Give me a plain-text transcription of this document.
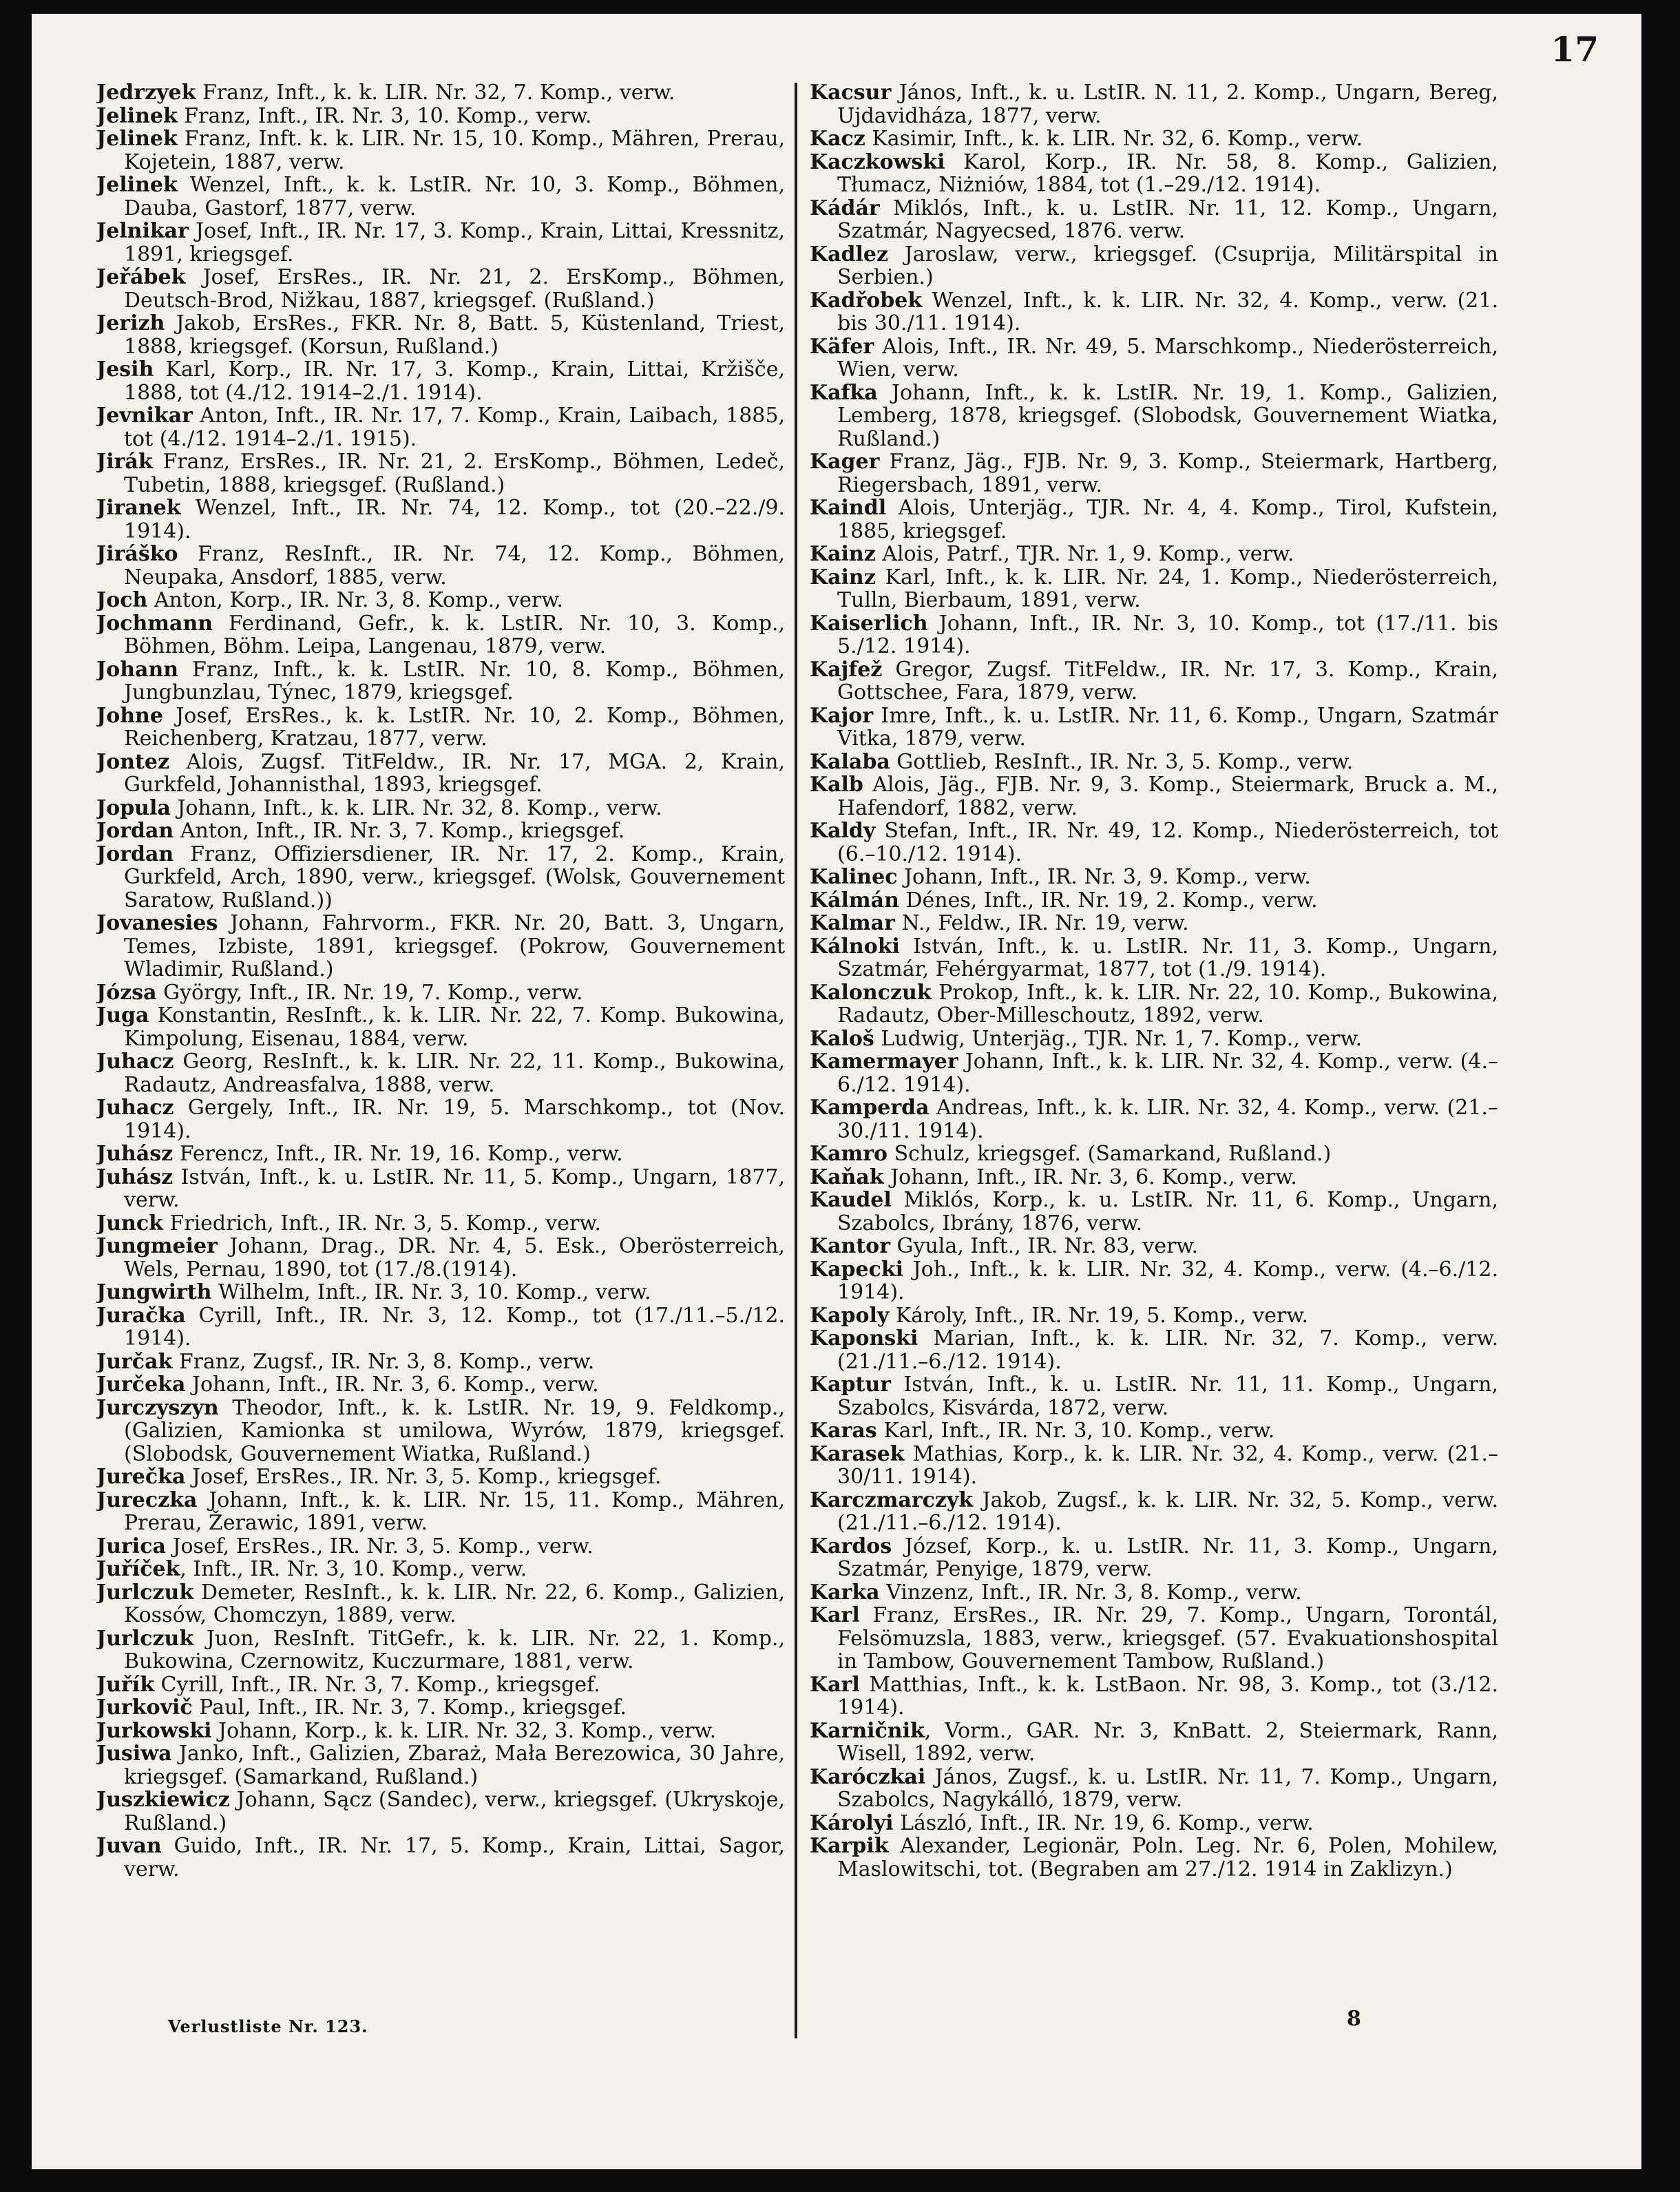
17
Jedrzyek Franz, Inft., k. k. LIR. Nr. 32, 7. Komp., verw.
Jelinek Franz, Inft., IR. Nr. 3, 10. Komp., verw.
Jelinek Franz, Inft. k. k. LIR. Nr. 15, 10. Komp., Mähren, Prerau, Kojetein, 1887, verw.
Jelinek Wenzel, Inft., k. k. LstIR. Nr. 10, 3. Komp., Böhmen, Dauba, Gastorf, 1877, verw.
Jelnikar Josef, Inft., IR. Nr. 17, 3. Komp., Krain, Littai, Kressnitz, 1891, kriegsgef.
Jeřábek Josef, ErsRes., IR. Nr. 21, 2. ErsKomp., Böhmen, Deutsch-Brod, Nižkau, 1887, kriegsgef. (Rußland.)
Jerizh Jakob, ErsRes., FKR. Nr. 8, Batt. 5, Küstenland, Triest, 1888, kriegsgef. (Korsun, Rußland.)
Jesih Karl, Korp., IR. Nr. 17, 3. Komp., Krain, Littai, Kržišče, 1888, tot (4./12. 1914–2./1. 1914).
Jevnikar Anton, Inft., IR. Nr. 17, 7. Komp., Krain, Laibach, 1885, tot (4./12. 1914–2./1. 1915).
Jirák Franz, ErsRes., IR. Nr. 21, 2. ErsKomp., Böhmen, Ledeč, Tubetin, 1888, kriegsgef. (Rußland.)
Jiranek Wenzel, Inft., IR. Nr. 74, 12. Komp., tot (20.–22./9. 1914).
Jiráško Franz, ResInft., IR. Nr. 74, 12. Komp., Böhmen, Neupaka, Ansdorf, 1885, verw.
Joch Anton, Korp., IR. Nr. 3, 8. Komp., verw.
Jochmann Ferdinand, Gefr., k. k. LstIR. Nr. 10, 3. Komp., Böhmen, Böhm. Leipa, Langenau, 1879, verw.
Johann Franz, Inft., k. k. LstIR. Nr. 10, 8. Komp., Böhmen, Jungbunzlau, Týnec, 1879, kriegsgef.
Johne Josef, ErsRes., k. k. LstIR. Nr. 10, 2. Komp., Böhmen, Reichenberg, Kratzau, 1877, verw.
Jontez Alois, Zugsf. TitFeldw., IR. Nr. 17, MGA. 2, Krain, Gurkfeld, Johannisthal, 1893, kriegsgef.
Jopula Johann, Inft., k. k. LIR. Nr. 32, 8. Komp., verw.
Jordan Anton, Inft., IR. Nr. 3, 7. Komp., kriegsgef.
Jordan Franz, Offiziersdiener, IR. Nr. 17, 2. Komp., Krain, Gurkfeld, Arch, 1890, verw., kriegsgef. (Wolsk, Gouvernement Saratow, Rußland.))
Jovanesies Johann, Fahrvorm., FKR. Nr. 20, Batt. 3, Ungarn, Temes, Izbiste, 1891, kriegsgef. (Pokrow, Gouvernement Wladimir, Rußland.)
Józsa György, Inft., IR. Nr. 19, 7. Komp., verw.
Juga Konstantin, ResInft., k. k. LIR. Nr. 22, 7. Komp. Bukowina, Kimpolung, Eisenau, 1884, verw.
Juhacz Georg, ResInft., k. k. LIR. Nr. 22, 11. Komp., Bukowina, Radautz, Andreasfalva, 1888, verw.
Juhacz Gergely, Inft., IR. Nr. 19, 5. Marschkomp., tot (Nov. 1914).
Juhász Ferencz, Inft., IR. Nr. 19, 16. Komp., verw.
Juhász István, Inft., k. u. LstIR. Nr. 11, 5. Komp., Ungarn, 1877, verw.
Junck Friedrich, Inft., IR. Nr. 3, 5. Komp., verw.
Jungmeier Johann, Drag., DR. Nr. 4, 5. Esk., Oberösterreich, Wels, Pernau, 1890, tot (17./8.(1914).
Jungwirth Wilhelm, Inft., IR. Nr. 3, 10. Komp., verw.
Juračka Cyrill, Inft., IR. Nr. 3, 12. Komp., tot (17./11.–5./12. 1914).
Jurčak Franz, Zugsf., IR. Nr. 3, 8. Komp., verw.
Jurčeka Johann, Inft., IR. Nr. 3, 6. Komp., verw.
Jurczyszyn Theodor, Inft., k. k. LstIR. Nr. 19, 9. Feldkomp., (Galizien, Kamionka st umilowa, Wyrów, 1879, kriegsgef. (Slobodsk, Gouvernement Wiatka, Rußland.)
Jurečka Josef, ErsRes., IR. Nr. 3, 5. Komp., kriegsgef.
Jureczka Johann, Inft., k. k. LIR. Nr. 15, 11. Komp., Mähren, Prerau, Žerawic, 1891, verw.
Jurica Josef, ErsRes., IR. Nr. 3, 5. Komp., verw.
Juříček, Inft., IR. Nr. 3, 10. Komp., verw.
Jurlczuk Demeter, ResInft., k. k. LIR. Nr. 22, 6. Komp., Galizien, Kossów, Chomczyn, 1889, verw.
Jurlczuk Juon, ResInft. TitGefr., k. k. LIR. Nr. 22, 1. Komp., Bukowina, Czernowitz, Kuczurmare, 1881, verw.
Juřík Cyrill, Inft., IR. Nr. 3, 7. Komp., kriegsgef.
Jurkovič Paul, Inft., IR. Nr. 3, 7. Komp., kriegsgef.
Jurkowski Johann, Korp., k. k. LIR. Nr. 32, 3. Komp., verw.
Jusiwa Janko, Inft., Galizien, Zbaraż, Mała Berezowica, 30 Jahre, kriegsgef. (Samarkand, Rußland.)
Juszkiewicz Johann, Sącz (Sandec), verw., kriegsgef. (Ukryskoje, Rußland.)
Juvan Guido, Inft., IR. Nr. 17, 5. Komp., Krain, Littai, Sagor, verw.
Kacsur János, Inft., k. u. LstIR. N. 11, 2. Komp., Ungarn, Bereg, Ujdavidháza, 1877, verw.
Kacz Kasimir, Inft., k. k. LIR. Nr. 32, 6. Komp., verw.
Kaczkowski Karol, Korp., IR. Nr. 58, 8. Komp., Galizien, Tłumacz, Niżniów, 1884, tot (1.–29./12. 1914).
Kádár Miklós, Inft., k. u. LstIR. Nr. 11, 12. Komp., Ungarn, Szatmár, Nagyecsed, 1876. verw.
Kadlez Jaroslaw, verw., kriegsgef. (Csuprija, Militärspital in Serbien.)
Kadřobek Wenzel, Inft., k. k. LIR. Nr. 32, 4. Komp., verw. (21. bis 30./11. 1914).
Käfer Alois, Inft., IR. Nr. 49, 5. Marschkomp., Niederösterreich, Wien, verw.
Kafka Johann, Inft., k. k. LstIR. Nr. 19, 1. Komp., Galizien, Lemberg, 1878, kriegsgef. (Slobodsk, Gouvernement Wiatka, Rußland.)
Kager Franz, Jäg., FJB. Nr. 9, 3. Komp., Steiermark, Hartberg, Riegersbach, 1891, verw.
Kaindl Alois, Unterjäg., TJR. Nr. 4, 4. Komp., Tirol, Kufstein, 1885, kriegsgef.
Kainz Alois, Patrf., TJR. Nr. 1, 9. Komp., verw.
Kainz Karl, Inft., k. k. LIR. Nr. 24, 1. Komp., Niederösterreich, Tulln, Bierbaum, 1891, verw.
Kaiserlich Johann, Inft., IR. Nr. 3, 10. Komp., tot (17./11. bis 5./12. 1914).
Kajfež Gregor, Zugsf. TitFeldw., IR. Nr. 17, 3. Komp., Krain, Gottschee, Fara, 1879, verw.
Kajor Imre, Inft., k. u. LstIR. Nr. 11, 6. Komp., Ungarn, Szatmár Vitka, 1879, verw.
Kalaba Gottlieb, ResInft., IR. Nr. 3, 5. Komp., verw.
Kalb Alois, Jäg., FJB. Nr. 9, 3. Komp., Steiermark, Bruck a. M., Hafendorf, 1882, verw.
Kaldy Stefan, Inft., IR. Nr. 49, 12. Komp., Niederösterreich, tot (6.–10./12. 1914).
Kalinec Johann, Inft., IR. Nr. 3, 9. Komp., verw.
Kálmán Dénes, Inft., IR. Nr. 19, 2. Komp., verw.
Kalmar N., Feldw., IR. Nr. 19, verw.
Kálnoki István, Inft., k. u. LstIR. Nr. 11, 3. Komp., Ungarn, Szatmár, Fehérgyarmat, 1877, tot (1./9. 1914).
Kalonczuk Prokop, Inft., k. k. LIR. Nr. 22, 10. Komp., Bukowina, Radautz, Ober-Milleschoutz, 1892, verw.
Kaloš Ludwig, Unterjäg., TJR. Nr. 1, 7. Komp., verw.
Kamermayer Johann, Inft., k. k. LIR. Nr. 32, 4. Komp., verw. (4.–6./12. 1914).
Kamperda Andreas, Inft., k. k. LIR. Nr. 32, 4. Komp., verw. (21.–30./11. 1914).
Kamro Schulz, kriegsgef. (Samarkand, Rußland.)
Kaňak Johann, Inft., IR. Nr. 3, 6. Komp., verw.
Kaudel Miklós, Korp., k. u. LstIR. Nr. 11, 6. Komp., Ungarn, Szabolcs, Ibrány, 1876, verw.
Kantor Gyula, Inft., IR. Nr. 83, verw.
Kapecki Joh., Inft., k. k. LIR. Nr. 32, 4. Komp., verw. (4.–6./12. 1914).
Kapoly Károly, Inft., IR. Nr. 19, 5. Komp., verw.
Kaponski Marian, Inft., k. k. LIR. Nr. 32, 7. Komp., verw. (21./11.–6./12. 1914).
Kaptur István, Inft., k. u. LstIR. Nr. 11, 11. Komp., Ungarn, Szabolcs, Kisvárda, 1872, verw.
Karas Karl, Inft., IR. Nr. 3, 10. Komp., verw.
Karasek Mathias, Korp., k. k. LIR. Nr. 32, 4. Komp., verw. (21.–30/11. 1914).
Karczmarczyk Jakob, Zugsf., k. k. LIR. Nr. 32, 5. Komp., verw. (21./11.–6./12. 1914).
Kardos József, Korp., k. u. LstIR. Nr. 11, 3. Komp., Ungarn, Szatmár, Penyige, 1879, verw.
Karka Vinzenz, Inft., IR. Nr. 3, 8. Komp., verw.
Karl Franz, ErsRes., IR. Nr. 29, 7. Komp., Ungarn, Torontál, Felsömuzsla, 1883, verw., kriegsgef. (57. Evakuationshospital in Tambow, Gouvernement Tambow, Rußland.)
Karl Matthias, Inft., k. k. LstBaon. Nr. 98, 3. Komp., tot (3./12. 1914).
Karničnik, Vorm., GAR. Nr. 3, KnBatt. 2, Steiermark, Rann, Wisell, 1892, verw.
Karóczkai János, Zugsf., k. u. LstIR. Nr. 11, 7. Komp., Ungarn, Szabolcs, Nagykálló, 1879, verw.
Károlyi László, Inft., IR. Nr. 19, 6. Komp., verw.
Karpik Alexander, Legionär, Poln. Leg. Nr. 6, Polen, Mohilew, Maslowitschi, tot. (Begraben am 27./12. 1914 in Zaklizyn.)
Verlustliste Nr. 123.	8
